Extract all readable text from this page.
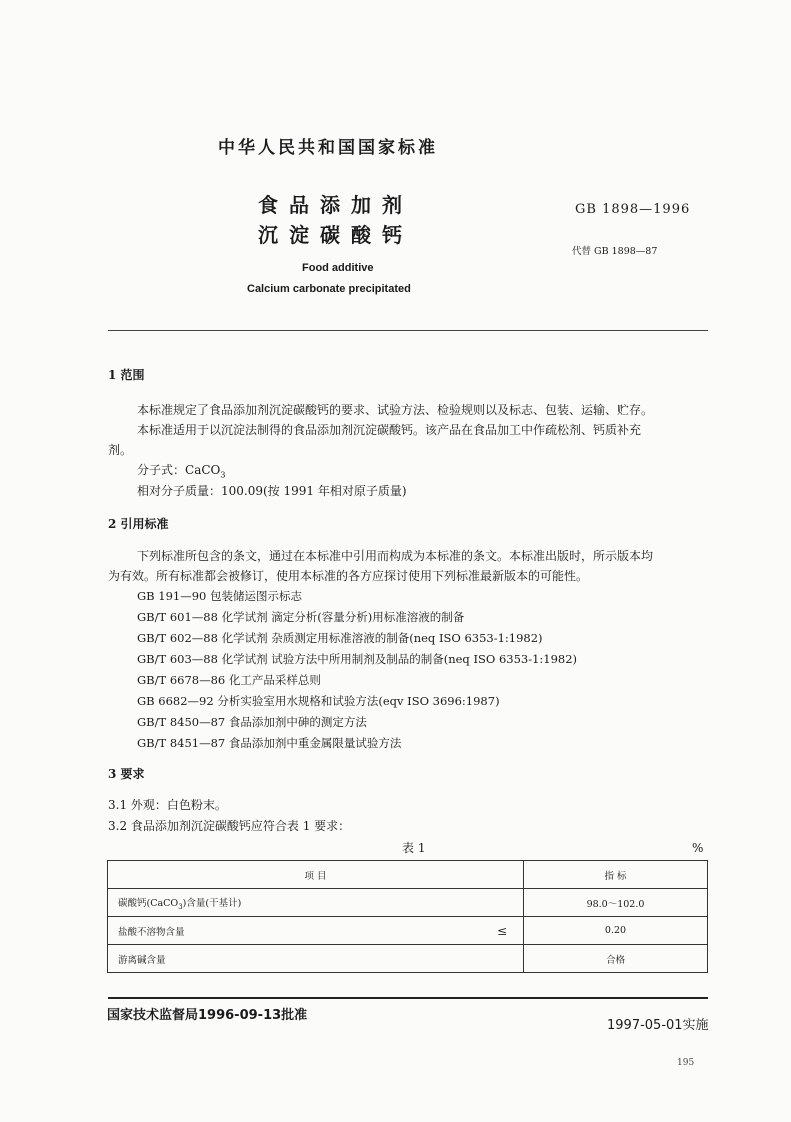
中华人民共和国国家标准
食品添加剂
沉淀碳酸钙
Food additive
Calcium carbonate precipitated
GB 1898—1996
代替 GB 1898—87
1 范围
本标准规定了食品添加剂沉淀碳酸钙的要求、试验方法、检验规则以及标志、包装、运输、贮存。
本标准适用于以沉淀法制得的食品添加剂沉淀碳酸钙。该产品在食品加工中作疏松剂、钙质补充
剂。
分子式：CaCO$_3$
相对分子质量：100.09(按 1991 年相对原子质量)
2 引用标准
下列标准所包含的条文，通过在本标准中引用而构成为本标准的条文。本标准出版时，所示版本均
为有效。所有标准都会被修订，使用本标准的各方应探讨使用下列标准最新版本的可能性。
GB 191—90 包装储运图示标志
GB/T 601—88 化学试剂 滴定分析(容量分析)用标准溶液的制备
GB/T 602—88 化学试剂 杂质测定用标准溶液的制备(neq ISO 6353-1:1982)
GB/T 603—88 化学试剂 试验方法中所用制剂及制品的制备(neq ISO 6353-1:1982)
GB/T 6678—86 化工产品采样总则
GB 6682—92 分析实验室用水规格和试验方法(eqv ISO 3696:1987)
GB/T 8450—87 食品添加剂中砷的测定方法
GB/T 8451—87 食品添加剂中重金属限量试验方法
3 要求
3.1 外观：白色粉末。
3.2 食品添加剂沉淀碳酸钙应符合表 1 要求：
表 1	%
项 目	指 标
碳酸钙(CaCO$_3$)含量(干基计)	98.0～102.0
盐酸不溶物含量 ≤	0.20
游离碱含量	合格
国家技术监督局1996-09-13批准
1997-05-01实施
195
